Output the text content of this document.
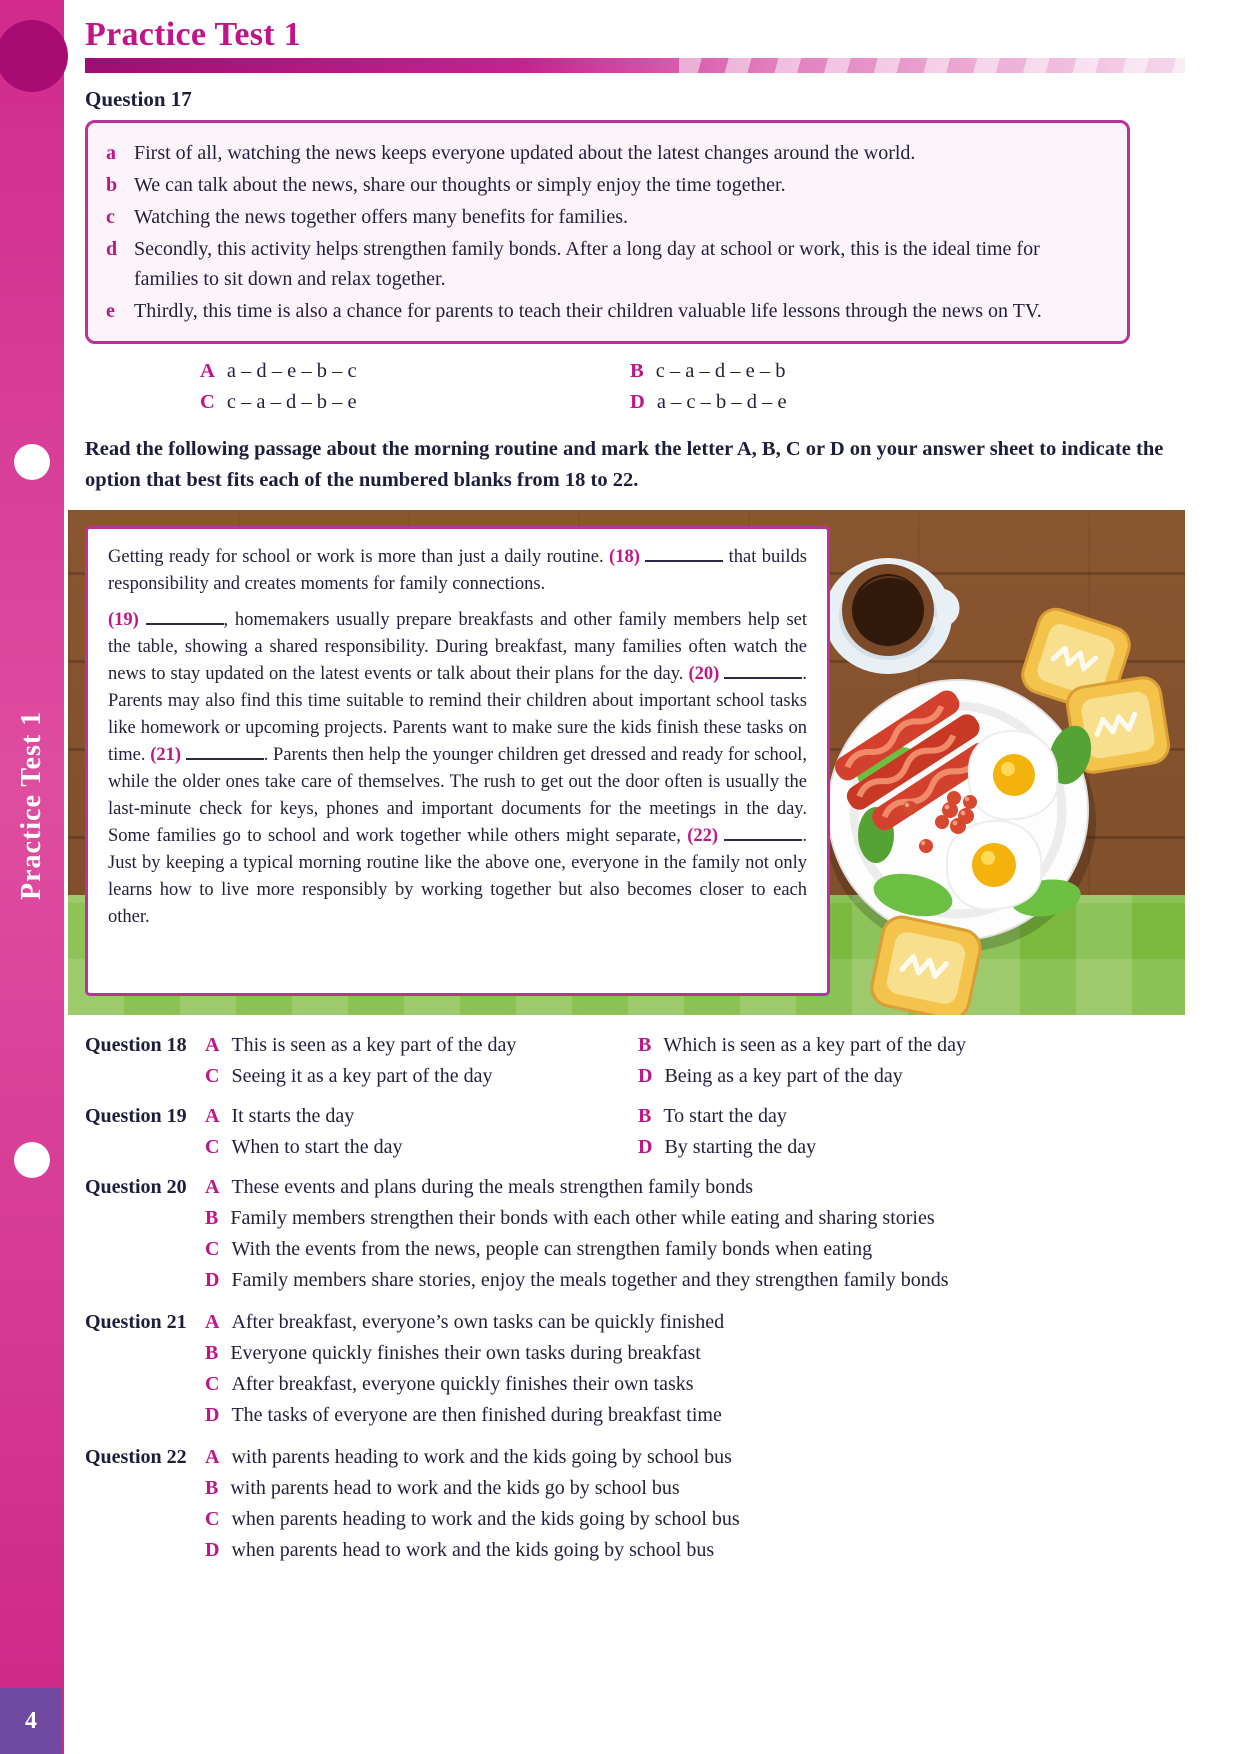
Practice Test 1
4
Practice Test 1
Question 17
a First of all, watching the news keeps everyone updated about the latest changes around the world.
b We can talk about the news, share our thoughts or simply enjoy the time together.
c Watching the news together offers many benefits for families.
d Secondly, this activity helps strengthen family bonds. After a long day at school or work, this is the ideal time for families to sit down and relax together.
e Thirdly, this time is also a chance for parents to teach their children valuable life lessons through the news on TV.
A a – d – e – b – c	B c – a – d – e – b
C c – a – d – b – e	D a – c – b – d – e
Read the following passage about the morning routine and mark the letter A, B, C or D on your answer sheet to indicate the option that best fits each of the numbered blanks from 18 to 22.

Getting ready for school or work is more than just a daily routine. (18)	that builds responsibility and creates moments for family connections.

(19)	, homemakers usually prepare breakfasts and other family members help set the table, showing a shared responsibility. During breakfast, many families often watch the news to stay updated on the latest events or talk about their plans for the day. (20)	. Parents may also find this time suitable to remind their children about important school tasks like homework or upcoming projects. Parents want to make sure the kids finish these tasks on time. (21)	. Parents then help the younger children get dressed and ready for school, while the older ones take care of themselves. The rush to get out the door often is usually the last-minute check for keys, phones and important documents for the meetings in the day. Some families go to school and work together while others might separate, (22)	. Just by keeping a typical morning routine like the above one, everyone in the family not only learns how to live more responsibly by working together but also becomes closer to each other.

Question 18 A This is seen as a key part of the day	B Which is seen as a key part of the day
C Seeing it as a key part of the day	D Being as a key part of the day
Question 19 A It starts the day	B To start the day
C When to start the day	D By starting the day
Question 20 A These events and plans during the meals strengthen family bonds
B Family members strengthen their bonds with each other while eating and sharing stories
C With the events from the news, people can strengthen family bonds when eating
D Family members share stories, enjoy the meals together and they strengthen family bonds
Question 21 A After breakfast, everyone’s own tasks can be quickly finished
B Everyone quickly finishes their own tasks during breakfast
C After breakfast, everyone quickly finishes their own tasks
D The tasks of everyone are then finished during breakfast time
Question 22 A with parents heading to work and the kids going by school bus
B with parents head to work and the kids go by school bus
C when parents heading to work and the kids going by school bus
D when parents head to work and the kids going by school bus
